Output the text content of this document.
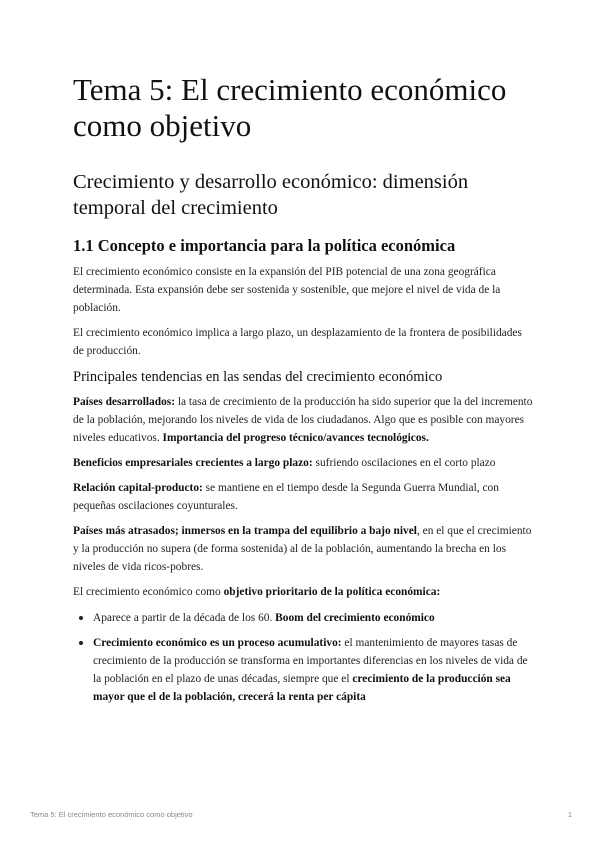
Tema 5: El crecimiento económico como objetivo
Crecimiento y desarrollo económico: dimensión temporal del crecimiento
1.1 Concepto e importancia para la política económica

El crecimiento económico consiste en la expansión del PIB potencial de una zona geográfica determinada. Esta expansión debe ser sostenida y sostenible, que mejore el nivel de vida de la población.

El crecimiento económico implica a largo plazo, un desplazamiento de la frontera de posibilidades de producción.

Principales tendencias en las sendas del crecimiento económico

Países desarrollados: la tasa de crecimiento de la producción ha sido superior que la del incremento de la población, mejorando los niveles de vida de los ciudadanos. Algo que es posible con mayores niveles educativos. Importancia del progreso técnico/avances tecnológicos.

Beneficios empresariales crecientes a largo plazo: sufriendo oscilaciones en el corto plazo

Relación capital-producto: se mantiene en el tiempo desde la Segunda Guerra Mundial, con pequeñas oscilaciones coyunturales.

Países más atrasados; inmersos en la trampa del equilibrio a bajo nivel, en el que el crecimiento y la producción no supera (de forma sostenida) al de la población, aumentando la brecha en los niveles de vida ricos-pobres.

El crecimiento económico como objetivo prioritario de la política económica:

• Aparece a partir de la década de los 60. Boom del crecimiento económico
• Crecimiento económico es un proceso acumulativo: el mantenimiento de mayores tasas de crecimiento de la producción se transforma en importantes diferencias en los niveles de vida de la población en el plazo de unas décadas, siempre que el crecimiento de la producción sea mayor que el de la población, crecerá la renta per cápita
Tema 5: El crecimiento económico como objetivo	1
